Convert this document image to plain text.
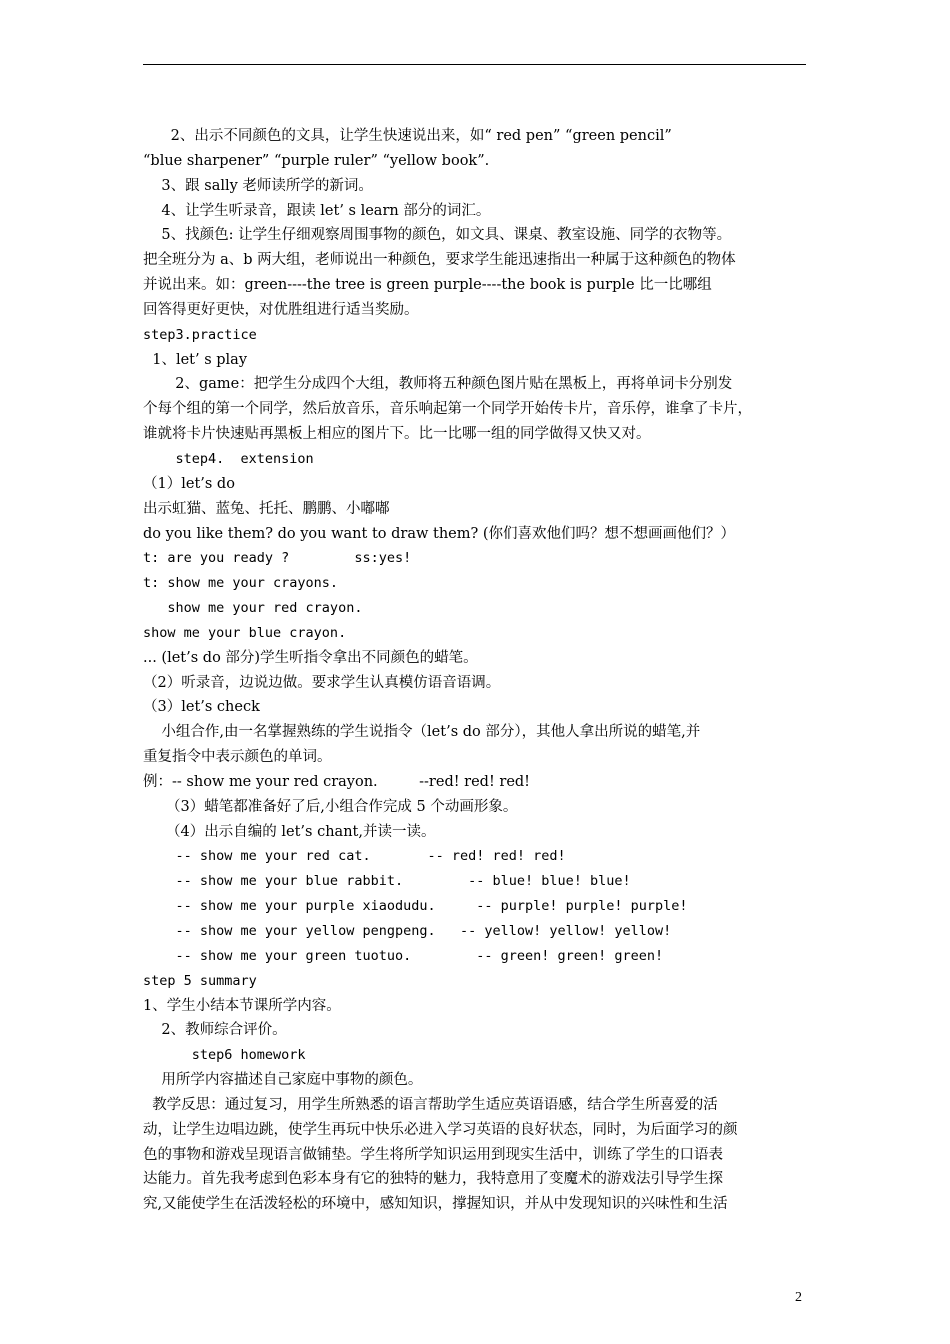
2、出示不同颜色的文具，让学生快速说出来，如“ red pen” “green pencil”
“blue sharpener” “purple ruler” “yellow book”.
3、跟 sally 老师读所学的新词。
4、让学生听录音，跟读 let’ s learn 部分的词汇。
5、找颜色: 让学生仔细观察周围事物的颜色，如文具、课桌、教室设施、同学的衣物等。
把全班分为 a、b 两大组，老师说出一种颜色，要求学生能迅速指出一种属于这种颜色的物体
并说出来。如：green----the tree is green purple----the book is purple 比一比哪组
回答得更好更快，对优胜组进行适当奖励。
step3.practice
1、let’ s play
2、game：把学生分成四个大组，教师将五种颜色图片贴在黑板上，再将单词卡分别发
个每个组的第一个同学，然后放音乐，音乐响起第一个同学开始传卡片，音乐停，谁拿了卡片，
谁就将卡片快速贴再黑板上相应的图片下。比一比哪一组的同学做得又快又对。
step4.  extension
（1）let’s do
出示虹猫、蓝兔、托托、鹏鹏、小嘟嘟
do you like them? do you want to draw them? (你们喜欢他们吗？想不想画画他们？）
t: are you ready ?        ss:yes!
t: show me your crayons.
show me your red crayon.
show me your blue crayon.
... (let’s do 部分)学生听指令拿出不同颜色的蜡笔。
（2）听录音，边说边做。要求学生认真模仿语音语调。
（3）let’s check
小组合作,由一名掌握熟练的学生说指令（let’s do 部分），其他人拿出所说的蜡笔,并
重复指令中表示颜色的单词。
例：-- show me your red crayon.         --red! red! red!
（3）蜡笔都准备好了后,小组合作完成 5 个动画形象。
（4）出示自编的 let’s chant,并读一读。
-- show me your red cat.       -- red! red! red!
-- show me your blue rabbit.        -- blue! blue! blue!
-- show me your purple xiaodudu.     -- purple! purple! purple!
-- show me your yellow pengpeng.   -- yellow! yellow! yellow!
-- show me your green tuotuo.        -- green! green! green!
step 5 summary
1、学生小结本节课所学内容。
2、教师综合评价。
step6 homework
用所学内容描述自己家庭中事物的颜色。
教学反思：通过复习，用学生所熟悉的语言帮助学生适应英语语感，结合学生所喜爱的活
动，让学生边唱边跳，使学生再玩中快乐必进入学习英语的良好状态，同时，为后面学习的颜
色的事物和游戏呈现语言做铺垫。学生将所学知识运用到现实生活中，训练了学生的口语表
达能力。首先我考虑到色彩本身有它的独特的魅力，我特意用了变魔术的游戏法引导学生探
究,又能使学生在活泼轻松的环境中，感知知识，撑握知识，并从中发现知识的兴味性和生活
2
